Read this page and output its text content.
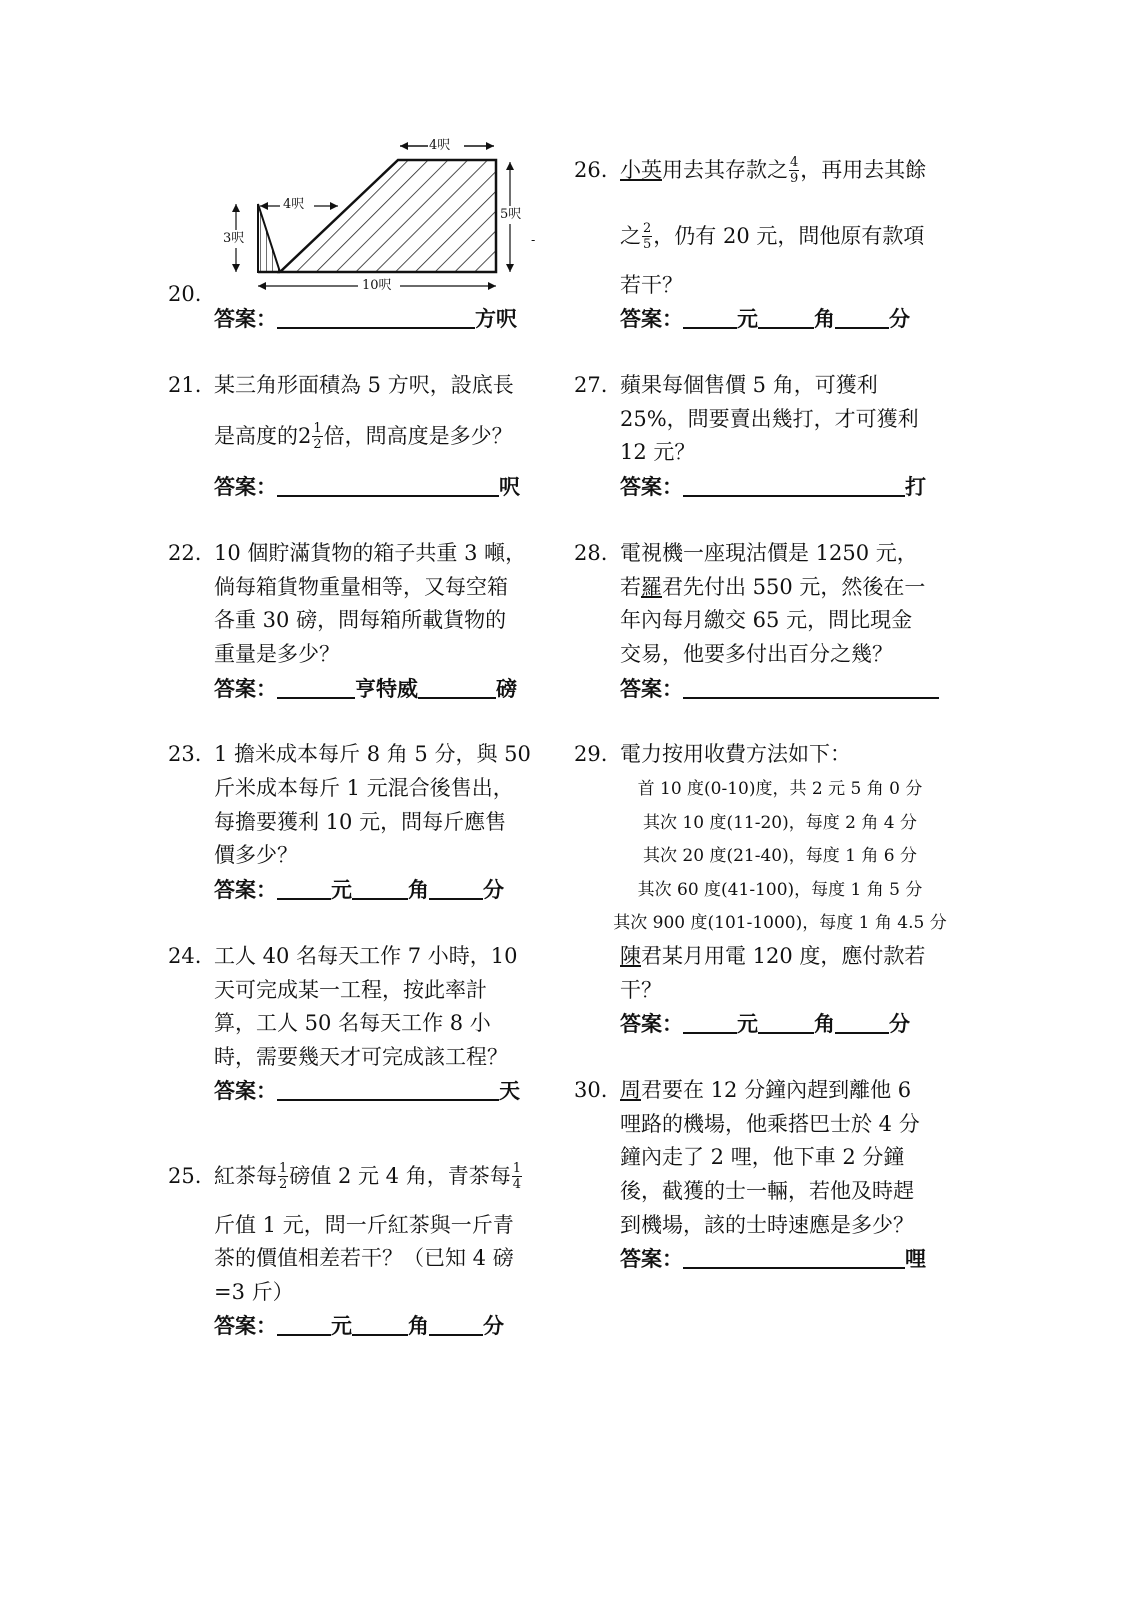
20.
-
4呎
4呎
3呎
5呎
10呎
答案：	方呎
21. 某三角形面積為 5 方呎，設底長
是高度的 $2 \frac{1}{2}$ 倍，問高度是多少？
答案：	呎
22. 10 個貯滿貨物的箱子共重 3 噸，
倘每箱貨物重量相等，又每空箱
各重 30 磅，問每箱所載貨物的
重量是多少？
答案：	亨特威	磅
23. 1 擔米成本每斤 8 角 5 分，與 50
斤米成本每斤 1 元混合後售出，
每擔要獲利 10 元，問每斤應售
價多少？
答案：	元	角	分
24. 工人 40 名每天工作 7 小時，10
天可完成某一工程，按此率計
算，工人 50 名每天工作 8 小
時，需要幾天才可完成該工程？
答案：	天
25. 紅茶每 $\frac{1}{2}$ 磅值 2 元 4 角，青茶每 $\frac{1}{4}$
斤值 1 元，問一斤紅茶與一斤青
茶的價值相差若干？（已知 4 磅
=3 斤）
答案：	元	角	分
26. 小英 用去其存款之 $\frac{4}{9}$ ，再用去其餘
之 $\frac{2}{5}$ ，仍有 20 元，問他原有款項
若干？
答案：	元	角	分
27. 蘋果每個售價 5 角，可獲利
25%，問要賣出幾打，才可獲利
12 元？
答案：	打
28. 電視機一座現沽價是 1250 元，
若羅君先付出 550 元，然後在一
年內每月繳交 65 元，問比現金
交易，他要多付出百分之幾？
答案：
29. 電力按用收費方法如下：
首 10 度(0-10)度，共 2 元 5 角 0 分
其次 10 度(11-20)，每度 2 角 4 分
其次 20 度(21-40)，每度 1 角 6 分
其次 60 度(41-100)，每度 1 角 5 分
其次 900 度(101-1000)，每度 1 角 4.5 分
陳君某月用電 120 度，應付款若
干？
答案：	元	角	分
30. 周君要在 12 分鐘內趕到離他 6
哩路的機場，他乘搭巴士於 4 分
鐘內走了 2 哩，他下車 2 分鐘
後，截獲的士一輛，若他及時趕
到機場，該的士時速應是多少？
答案：	哩
